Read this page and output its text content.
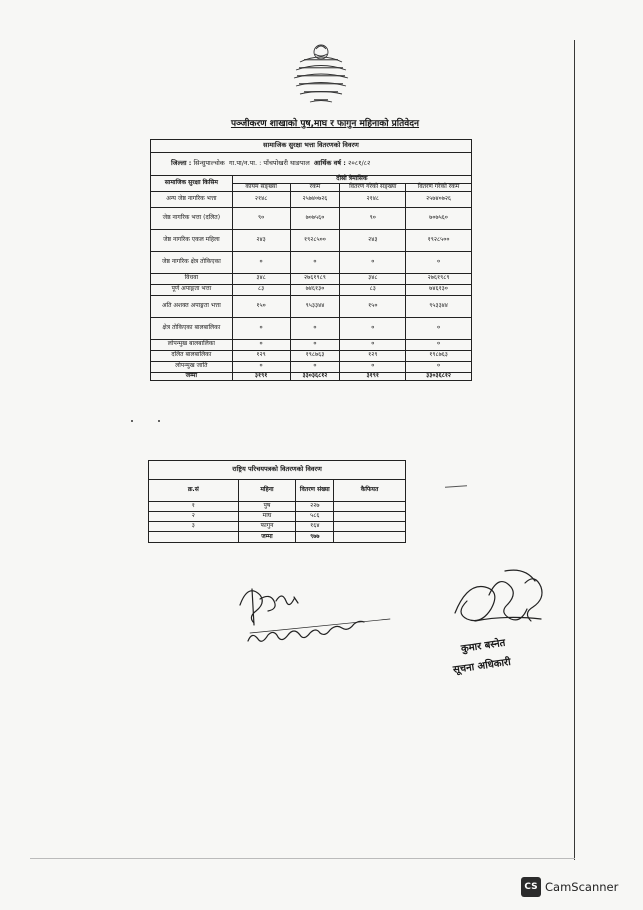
पञ्जीकरण शाखाको पुष,माघ र फागुन महिनाको प्रतिवेदन
सामाजिक सुरक्षा भत्ता वितरणको विवरण				
जिल्ला : सिन्धुपाल्चोक गा.पा/न.पा. : पाँचपोखरी थाङपाल आर्थिक वर्ष : २०८१/८२				
सामाजिक सुरक्षा किसिम	दोस्रो त्रैमासिक			
	कायम संङ्ख्या	रकम	वितरण गरेको संङ्ख्या	वितरण गरेको रकम
अन्य जेष्ठ नागरिक भत्ता	२१४८	२५७४०७२६	२१४८	२५७४०७२६
जेष्ठ नागरिक भत्ता (दलित)	९०	७०७५६०	९०	७०७५६०
जेष्ठ नागरिक एकल महिला	२४३	१९२८५००	२४३	१९२८५००
जेष्ठ नागरिक क्षेत्र तोकिएका	०	०	०	०
विधवा	३४८	२७६१९८९	३४८	२७६१९८९
पूर्ण अपाङ्गता भत्ता	८३	७४६१३०	८३	७४६१३०
अति अशक्त अपाङ्गता भत्ता	१५०	९५३३४४	१५०	९५३३४४
क्षेत्र तोकिएका बालबालिका	०	०	०	०
लोपन्मुख बालबालिका	०	०	०	०
दलित बालबालिका	१२९	१९८७६३	१२९	१९८७६३
लोपन्मुख जाति	०	०	०	०
जम्मा	३१९१	३३०३६८१२	३१९१	३३०३६८१२
राष्ट्रिय परिचयपत्रको वितरणको विवरण			
क्र.सं	महिना	वितरण संख्या	कैफियत
१	पुष	२२७	
२	माघ	५८६	
३	फागुन	१६४	
	जम्मा	९७७	
कुमार बस्नेत
सूचना अधिकारी
CS CamScanner
